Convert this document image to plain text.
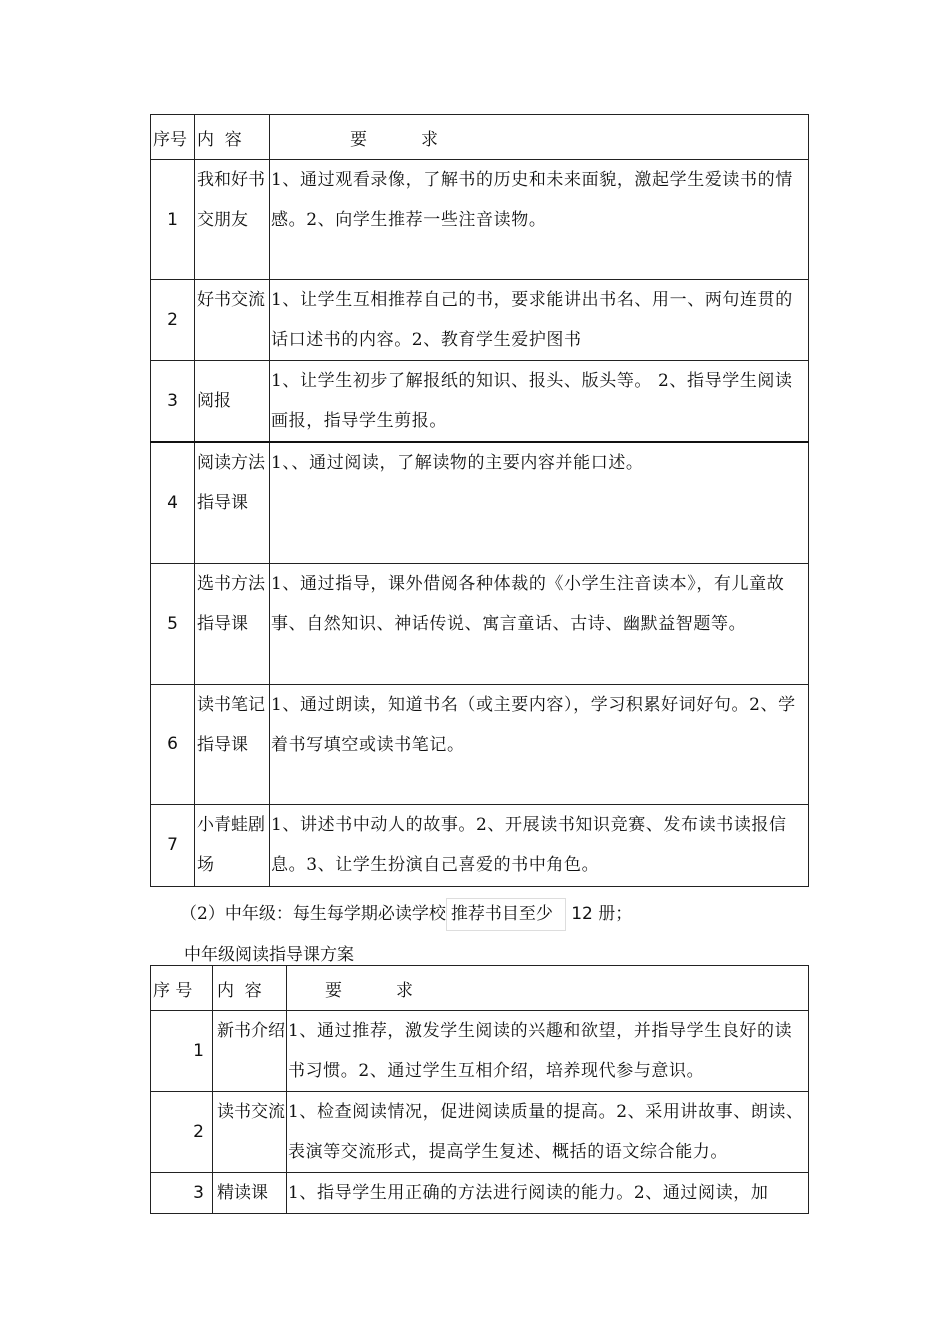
序号	内  容	要          求
1	我和好书交朋友	1、通过观看录像，了解书的历史和未来面貌，激起学生爱读书的情感。2、向学生推荐一些注音读物。
2	好书交流	1、让学生互相推荐自己的书，要求能讲出书名、用一、两句连贯的话口述书的内容。2、教育学生爱护图书
3	阅报	1、让学生初步了解报纸的知识、报头、版头等。 2、指导学生阅读画报，指导学生剪报。
4	阅读方法指导课	1、、通过阅读，了解读物的主要内容并能口述。
5	选书方法指导课	1、通过指导，课外借阅各种体裁的《小学生注音读本》，有儿童故事、自然知识、神话传说、寓言童话、古诗、幽默益智题等。
6	读书笔记指导课	1、通过朗读，知道书名（或主要内容），学习积累好词好句。2、学着书写填空或读书笔记。
7	小青蛙剧场	1、讲述书中动人的故事。2、开展读书知识竞赛、发布读书读报信息。3、让学生扮演自己喜爱的书中角色。
（2）中年级：每生每学期必读学校 推荐书目至少 12 册；
中年级阅读指导课方案
序 号	内  容	要          求
1	新书介绍	1、通过推荐，激发学生阅读的兴趣和欲望，并指导学生良好的读书习惯。2、通过学生互相介绍，培养现代参与意识。
2	读书交流	1、检查阅读情况，促进阅读质量的提高。2、采用讲故事、朗读、表演等交流形式，提高学生复述、概括的语文综合能力。
3	精读课	1、指导学生用正确的方法进行阅读的能力。2、通过阅读，加
